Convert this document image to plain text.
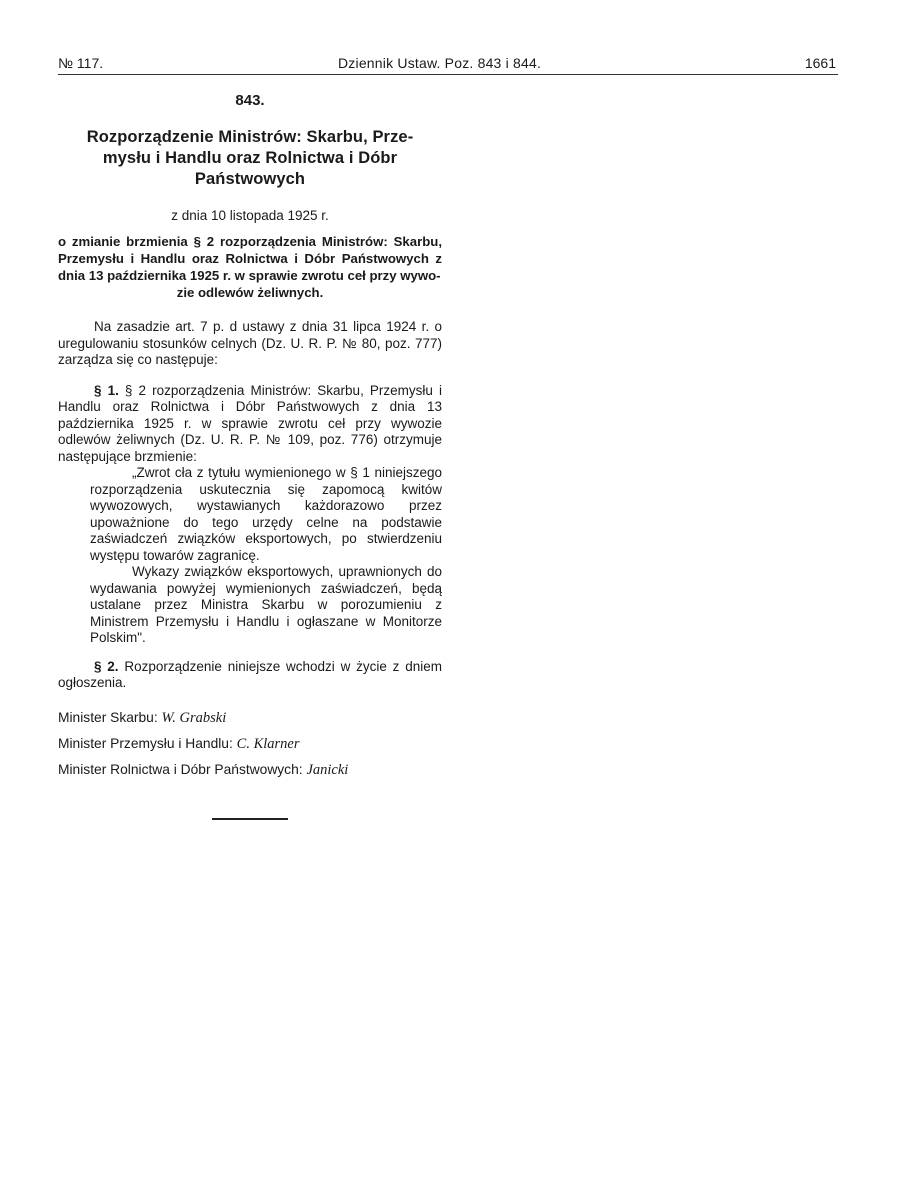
№ 117.	Dziennik Ustaw. Poz. 843 i 844.	1661
843.
Rozporządzenie Ministrów: Skarbu, Prze-
mysłu i Handlu oraz Rolnictwa i Dóbr
Państwowych
z dnia 10 listopada 1925 r.

o zmianie brzmienia § 2 rozporządzenia Ministrów: Skarbu, Przemysłu i Handlu oraz Rolnictwa i Dóbr Państwowych z dnia 13 października 1925 r. w sprawie zwrotu ceł przy wywo-
zie odlewów żeliwnych.

Na zasadzie art. 7 p. d ustawy z dnia 31 lipca 1924 r. o uregulowaniu stosunków celnych (Dz. U. R. P. № 80, poz. 777) zarządza się co następuje:

§ 1. § 2 rozporządzenia Ministrów: Skarbu, Przemysłu i Handlu oraz Rolnictwa i Dóbr Państwowych z dnia 13 października 1925 r. w sprawie zwrotu ceł przy wywozie odlewów żeliwnych (Dz. U. R. P. № 109, poz. 776) otrzymuje następujące brzmienie:

„Zwrot cła z tytułu wymienionego w § 1 niniejszego rozporządzenia uskutecznia się zapomocą kwitów wywozowych, wystawianych każdorazowo przez upoważnione do tego urzędy celne na podstawie zaświadczeń związków eksportowych, po stwierdzeniu wystęрu towarów zagranicę.

Wykazy związków eksportowych, uprawnionych do wydawania powyżej wymienionych zaświadczeń, będą ustalane przez Ministra Skarbu w porozumieniu z Ministrem Przemysłu i Handlu i ogłaszane w Monitorze Polskim".

§ 2. Rozporządzenie niniejsze wchodzi w życie z dniem ogłoszenia.

Minister Skarbu: W. Grabski
Minister Przemysłu i Handlu: C. Klarner
Minister Rolnictwa i Dóbr Państwowych: Janicki
